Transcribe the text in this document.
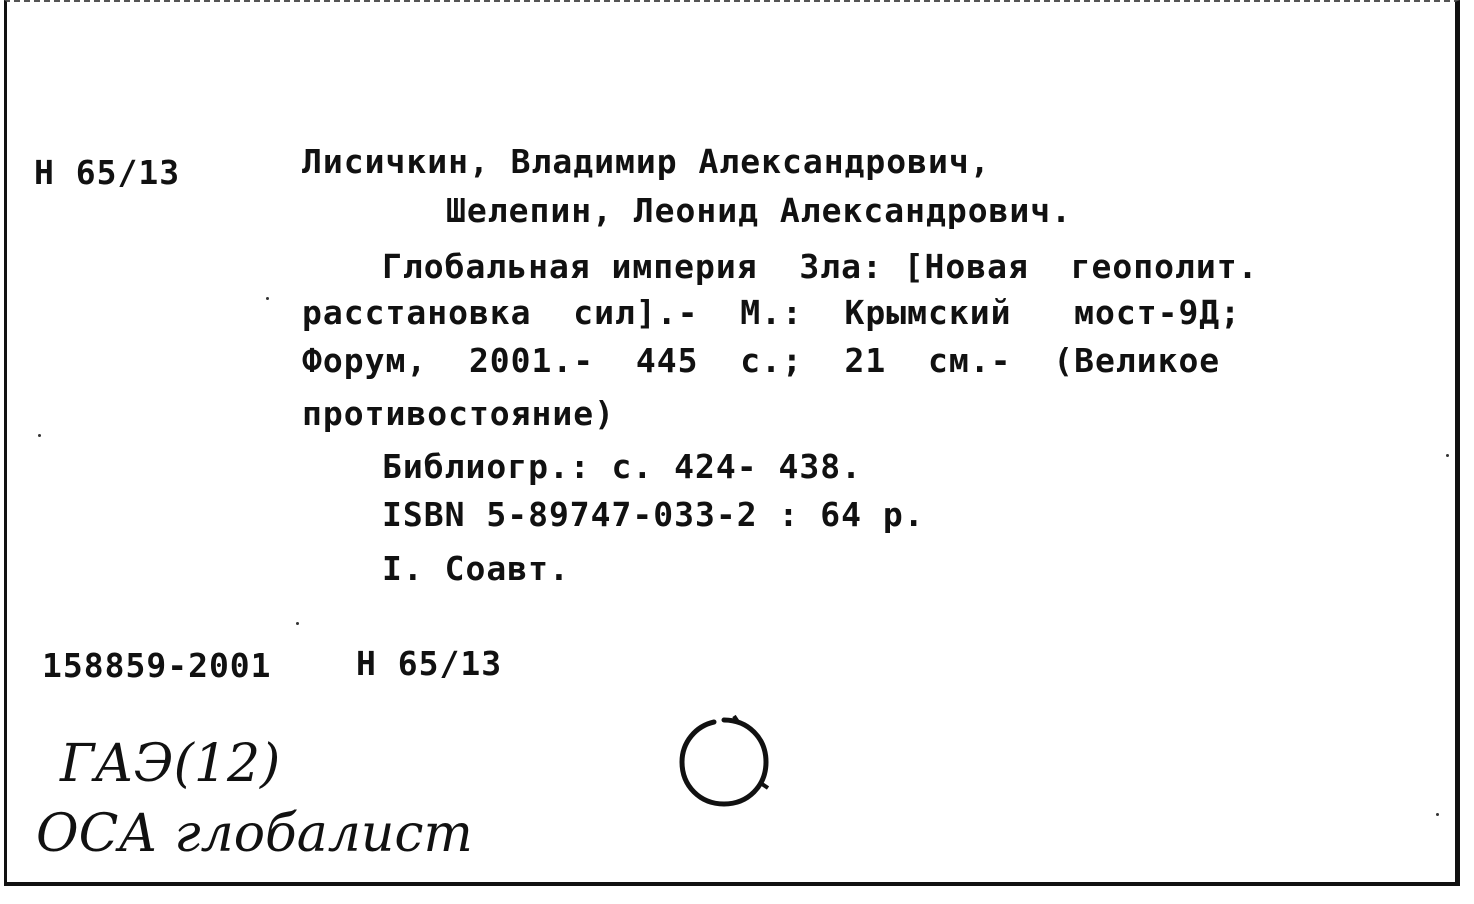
Н 65/13	Лисичкин, Владимир Александрович,
Шелепин, Леонид Александрович.
Глобальная империя  Зла: [Новая  геополит.
расстановка  сил].-  М.:  Крымский   мост-9Д;
Форум,  2001.-  445  с.;  21  см.-  (Великое
противостояние)
Библиогр.: с. 424- 438.
ISBN 5-89747-033-2 : 64 р.
I. Соавт.
158859-2001	Н 65/13
ГАЭ(12)
ОСА глобалист
